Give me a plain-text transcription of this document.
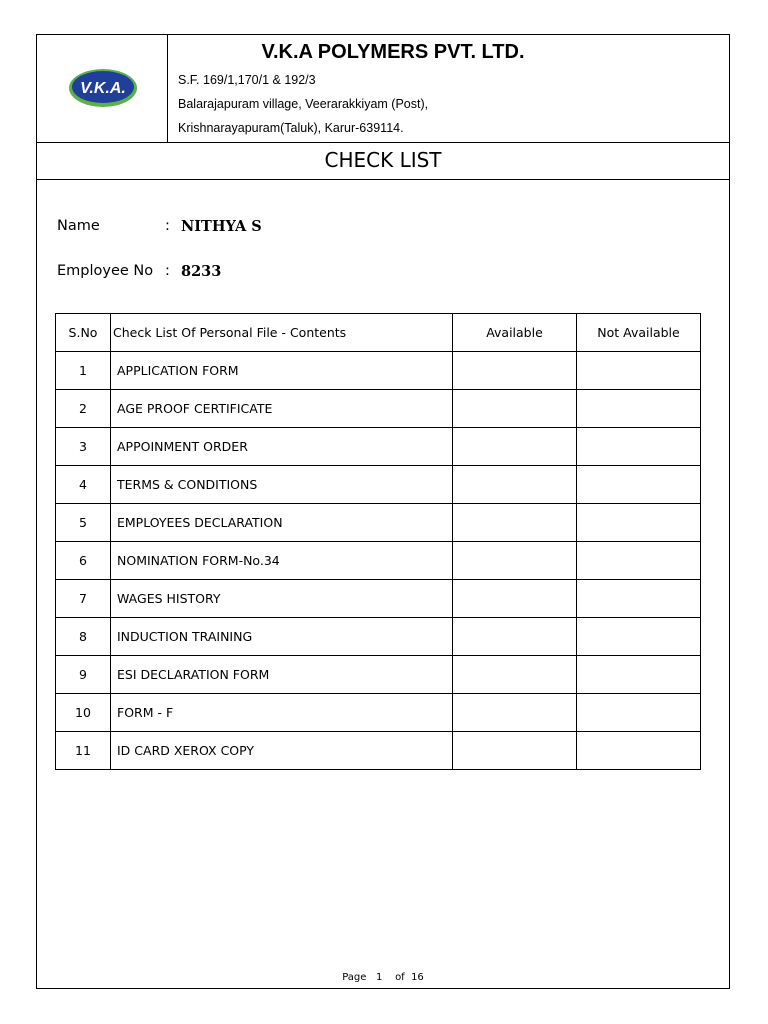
V.K.A.
V.K.A POLYMERS PVT. LTD.
S.F. 169/1,170/1 & 192/3
Balarajapuram village, Veerarakkiyam (Post),
Krishnarayapuram(Taluk), Karur-639114.
CHECK LIST
Name	: NITHYA S
Employee No : 8233
S.No	Check List Of Personal File - Contents	Available	Not Available
1	APPLICATION FORM		
2	AGE PROOF CERTIFICATE		
3	APPOINMENT ORDER		
4	TERMS & CONDITIONS		
5	EMPLOYEES DECLARATION		
6	NOMINATION FORM-No.34		
7	WAGES HISTORY		
8	INDUCTION TRAINING		
9	ESI DECLARATION FORM		
10	FORM - F		
11	ID CARD XEROX COPY		
Page 1 of 16
